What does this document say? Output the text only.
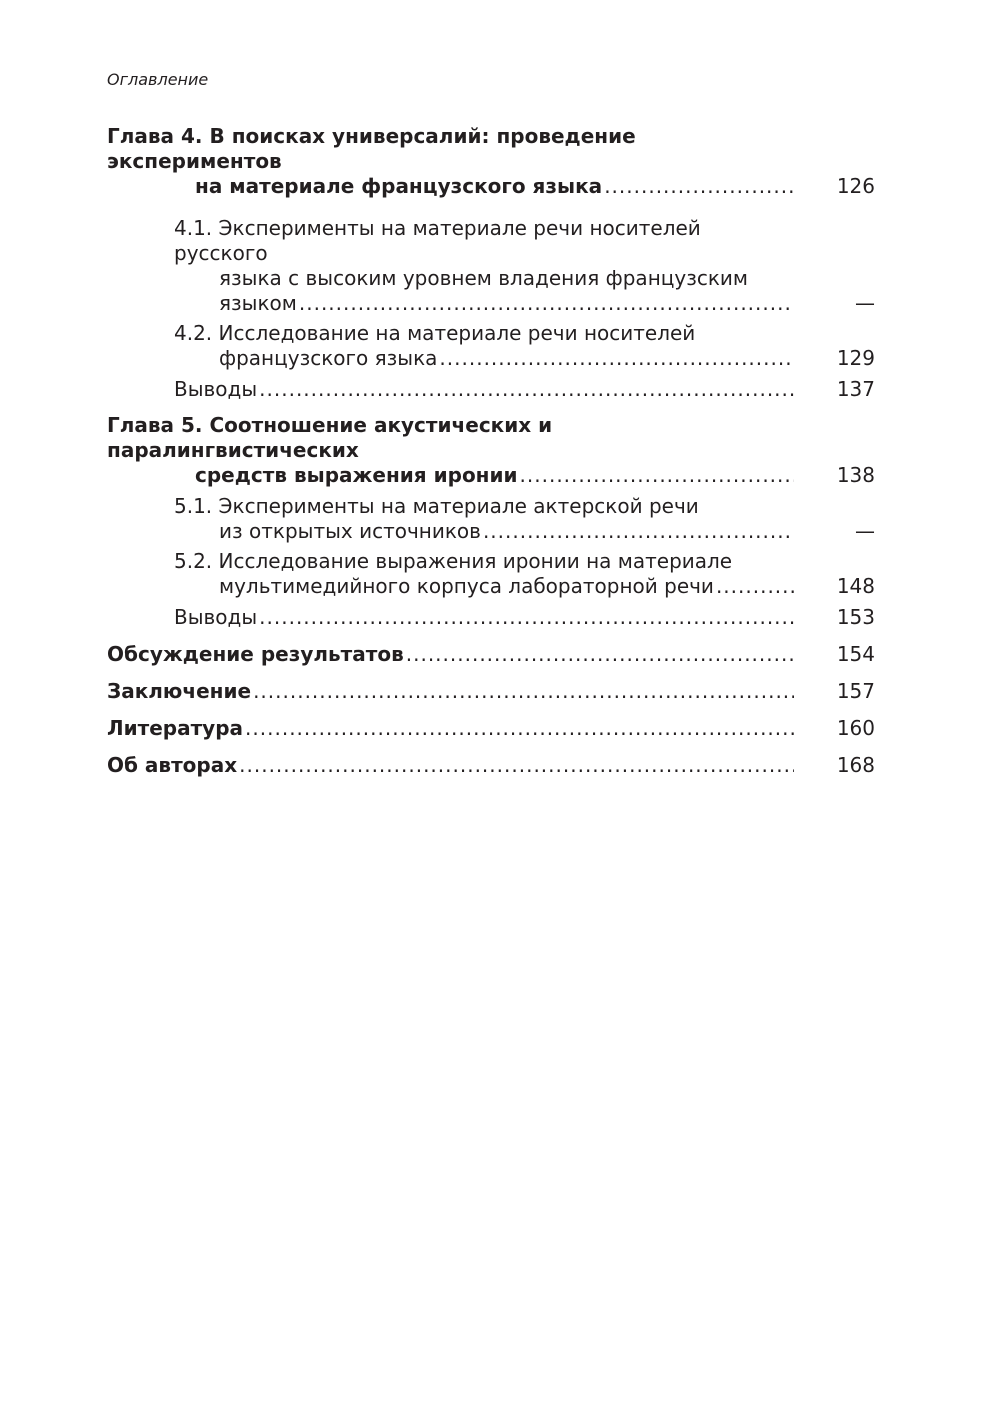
Оглавление
Глава 4. В поисках универсалий: проведение экспериментов
на материале французского языка .....	126
4.1. Эксперименты на материале речи носителей русского
языка с высоким уровнем владения французским
языком .....	—
4.2. Исследование на материале речи носителей
французского языка .....	129
Выводы .....	137
Глава 5. Соотношение акустических и паралингвистических
средств выражения иронии .....	138
5.1. Эксперименты на материале актерской речи
из открытых источников .....	—
5.2. Исследование выражения иронии на материале
мультимедийного корпуса лабораторной речи .....	148
Выводы .....	153
Обсуждение результатов .....	154
Заключение .....	157
Литература .....	160
Об авторах .....	168
